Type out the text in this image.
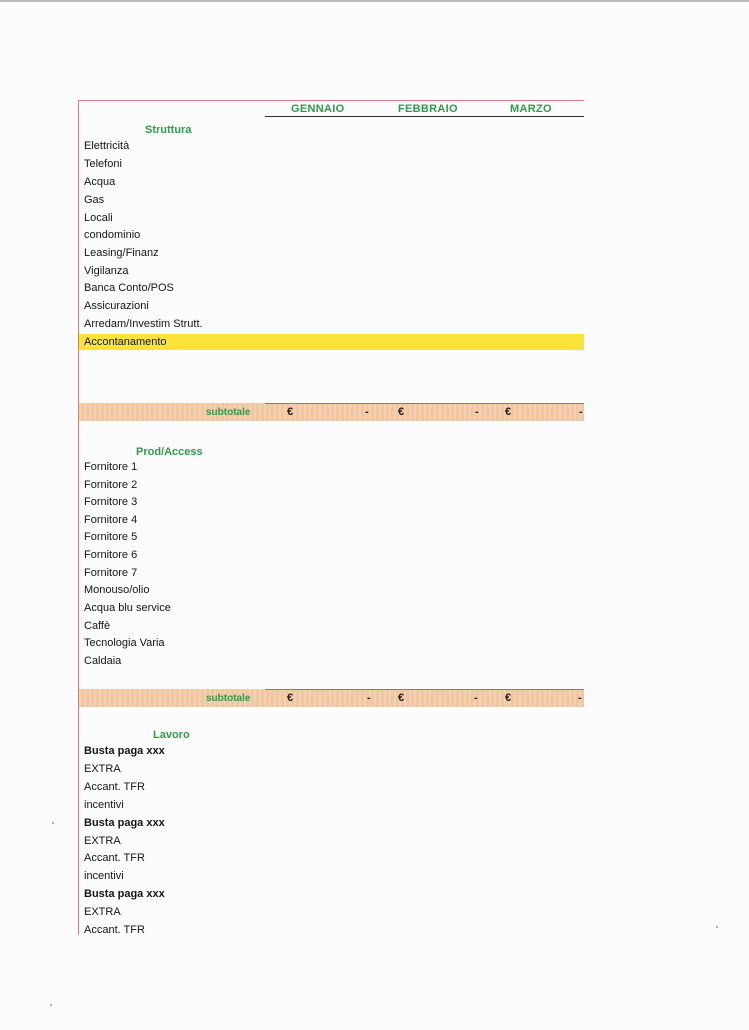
GENNAIO	FEBBRAIO	MARZO
Struttura
Elettricità
Telefoni
Acqua
Gas
Locali
condominio
Leasing/Finanz
Vigilanza
Banca Conto/POS
Assicurazioni
Arredam/Investim Strutt.
Accontanamento
subtotale	€	-	€	- €	-
Prod/Access
Fornitore 1
Fornitore 2
Fornitore 3
Fornitore 4
Fornitore 5
Fornitore 6
Fornitore 7
Monouso/olio
Acqua blu service
Caffè
Tecnologia Varia
Caldaia
subtotale	€	- €	- €	-
Lavoro
Busta paga xxx
EXTRA
Accant. TFR
incentivi
Busta paga xxx
EXTRA
Accant. TFR
incentivi
Busta paga xxx
EXTRA
Accant. TFR
